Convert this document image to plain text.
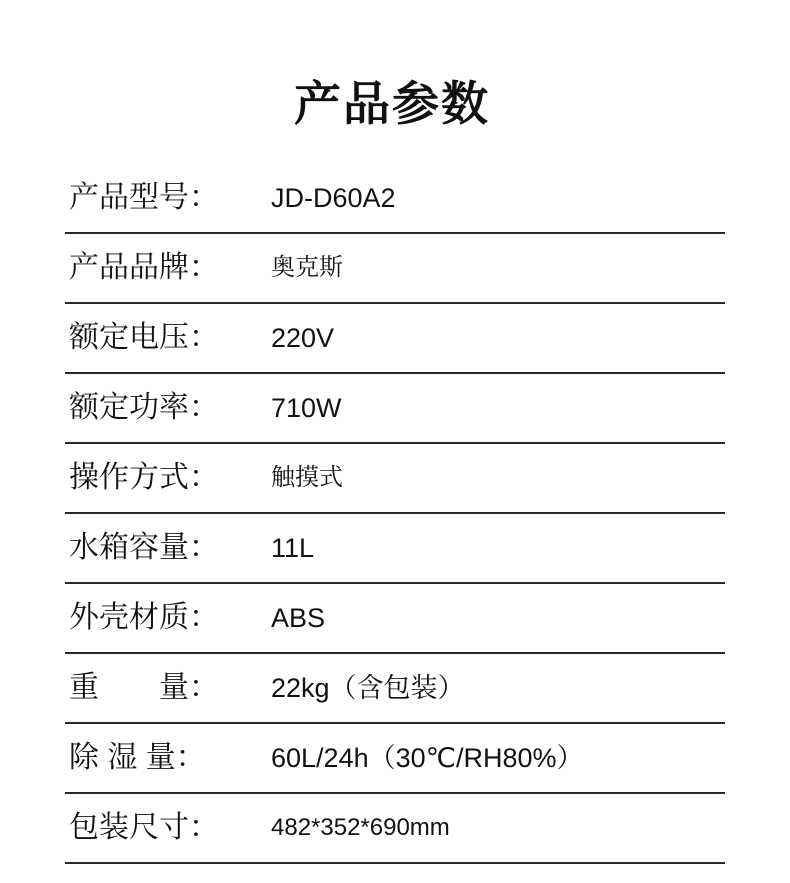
产品参数
产品型号：	JD-D60A2
产品品牌：	奥克斯
额定电压：	220V
额定功率：	710W
操作方式：	触摸式
水箱容量：	11L
外壳材质：	ABS
重　　量：	22kg（含包装）
除 湿 量：	60L/24h（30℃/RH80%）
包装尺寸：	482*352*690mm
